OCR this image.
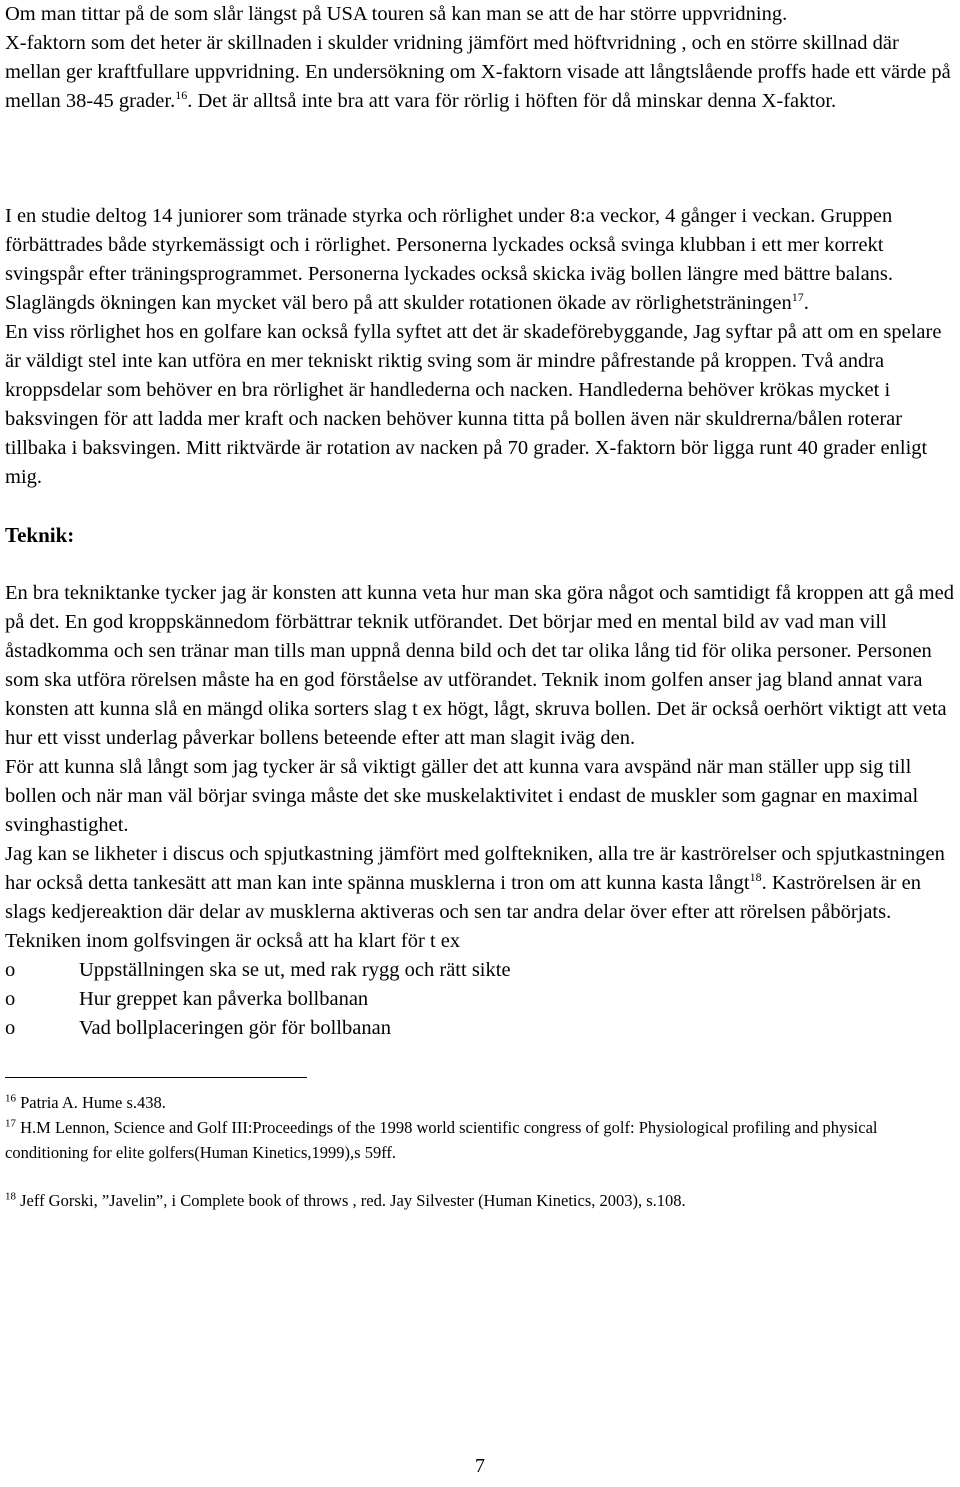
Om man tittar på de som slår längst på USA touren så kan man se att de har större uppvridning.

X-faktorn som det heter är skillnaden i skulder vridning jämfört med höftvridning , och en större skillnad där mellan ger kraftfullare uppvridning. En undersökning om X-faktorn visade att långtslående proffs hade ett värde på mellan 38-45 grader.$^{16}$. Det är alltså inte bra att vara för rörlig i höften för då minskar denna X-faktor.

I en studie deltog 14 juniorer som tränade styrka och rörlighet under 8:a veckor, 4 gånger i veckan. Gruppen förbättrades både styrkemässigt och i rörlighet. Personerna lyckades också svinga klubban i ett mer korrekt svingspår efter träningsprogrammet. Personerna lyckades också skicka iväg bollen längre med bättre balans. Slaglängds ökningen kan mycket väl bero på att skulder rotationen ökade av rörlighetsträningen$^{17}$.

En viss rörlighet hos en golfare kan också fylla syftet att det är skadeförebyggande, Jag syftar på att om en spelare är väldigt stel inte kan utföra en mer tekniskt riktig sving som är mindre påfrestande på kroppen. Två andra kroppsdelar som behöver en bra rörlighet är handlederna och nacken. Handlederna behöver krökas mycket i baksvingen för att ladda mer kraft och nacken behöver kunna titta på bollen även när skuldrerna/bålen roterar tillbaka i baksvingen. Mitt riktvärde är rotation av nacken på 70 grader. X-faktorn bör ligga runt 40 grader enligt mig.

Teknik:

En bra tekniktanke tycker jag är konsten att kunna veta hur man ska göra något och samtidigt få kroppen att gå med på det. En god kroppskännedom förbättrar teknik utförandet. Det börjar med en mental bild av vad man vill åstadkomma och sen tränar man tills man uppnå denna bild och det tar olika lång tid för olika personer. Personen som ska utföra rörelsen måste ha en god förståelse av utförandet. Teknik inom golfen anser jag bland annat vara konsten att kunna slå en mängd olika sorters slag t ex högt, lågt, skruva bollen. Det är också oerhört viktigt att veta hur ett visst underlag påverkar bollens beteende efter att man slagit iväg den.

För att kunna slå långt som jag tycker är så viktigt gäller det att kunna vara avspänd när man ställer upp sig till bollen och när man väl börjar svinga måste det ske muskelaktivitet i endast de muskler som gagnar en maximal svinghastighet.

Jag kan se likheter i discus och spjutkastning jämfört med golftekniken, alla tre är kaströrelser och spjutkastningen har också detta tankesätt att man kan inte spänna musklerna i tron om att kunna kasta långt$^{18}$. Kaströrelsen är en slags kedjereaktion där delar av musklerna aktiveras och sen tar andra delar över efter att rörelsen påbörjats.

Tekniken inom golfsvingen är också att ha klart för t ex

o	Uppställningen ska se ut, med rak rygg och rätt sikte
o	Hur greppet kan påverka bollbanan
o	Vad bollplaceringen gör för bollbanan

$^{16}$ Patria A. Hume s.438.

$^{17}$ H.M Lennon, Science and Golf III:Proceedings of the 1998 world scientific congress of golf: Physiological profiling and physical conditioning for elite golfers(Human Kinetics,1999),s 59ff.

$^{18}$ Jeff Gorski, ”Javelin”, i Complete book of throws , red. Jay Silvester (Human Kinetics, 2003), s.108.

7
